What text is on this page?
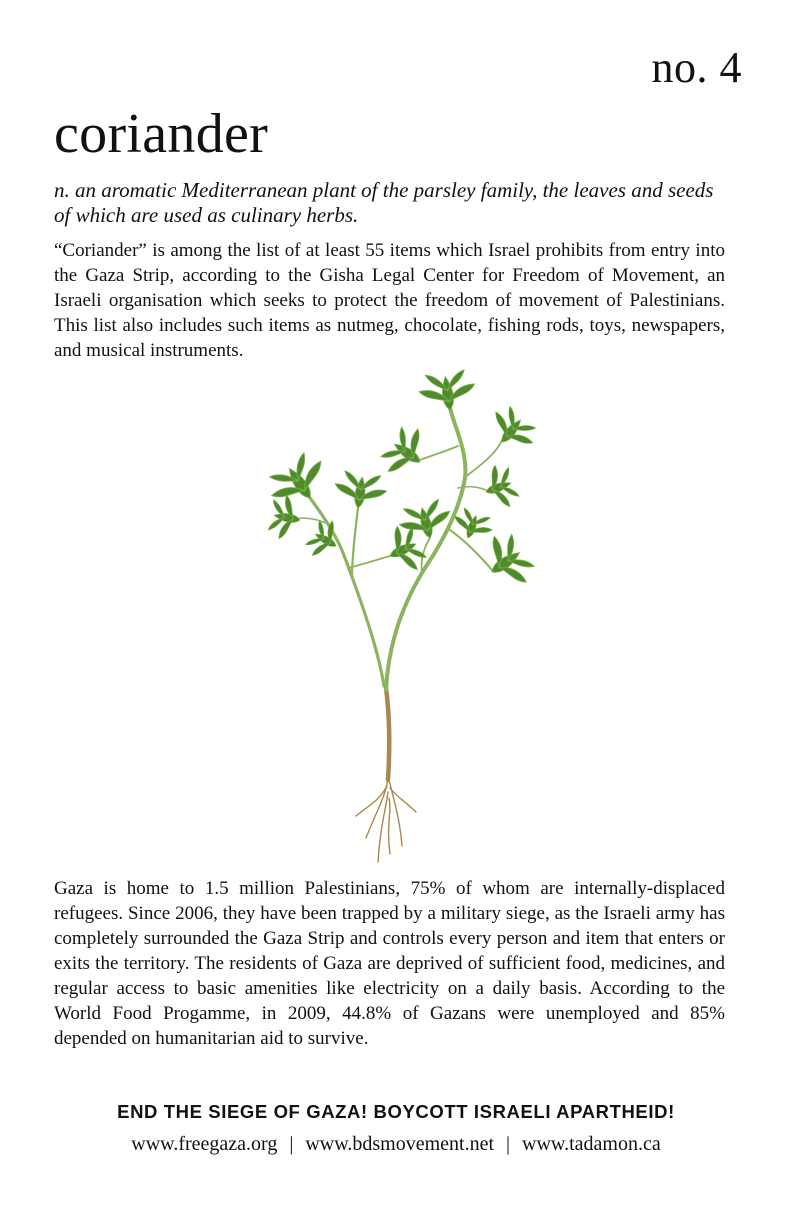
no. 4
coriander
n. an aromatic Mediterranean plant of the parsley family, the leaves and seeds of which are used as culinary herbs.
“Coriander” is among the list of at least 55 items which Israel prohibits from entry into the Gaza Strip, according to the Gisha Legal Center for Freedom of Movement, an Israeli organisation which seeks to protect the freedom of movement of Palestinians. This list also includes such items as nutmeg, chocolate, fishing rods, toys, newspapers, and musical instruments.
Gaza is home to 1.5 million Palestinians, 75% of whom are internally-displaced refugees. Since 2006, they have been trapped by a military siege, as the Israeli army has completely surrounded the Gaza Strip and controls every person and item that enters or exits the territory. The residents of Gaza are deprived of sufficient food, medicines, and regular access to basic amenities like electricity on a daily basis. According to the World Food Progamme, in 2009, 44.8% of Gazans were unemployed and 85% depended on humanitarian aid to survive.
END THE SIEGE OF GAZA! BOYCOTT ISRAELI APARTHEID!
www.freegaza.org | www.bdsmovement.net | www.tadamon.ca
